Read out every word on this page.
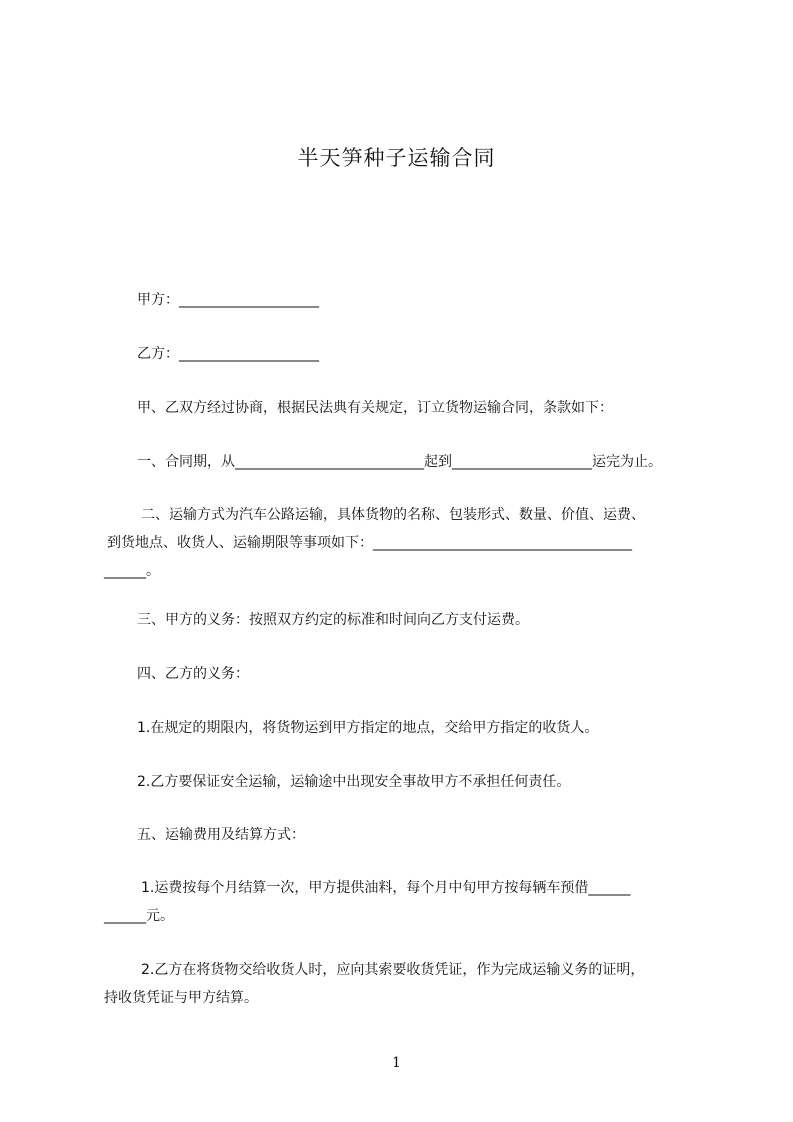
半天笋种子运输合同
甲方：____________________
乙方：____________________
甲、乙双方经过协商，根据民法典有关规定，订立货物运输合同，条款如下：
一、合同期，从___________________________起到____________________运完为止。
二、运输方式为汽车公路运输，具体货物的名称、包装形式、数量、价值、运费、
到货地点、收货人、运输期限等事项如下：_____________________________________
______。
三、甲方的义务：按照双方约定的标准和时间向乙方支付运费。
四、乙方的义务：
1.在规定的期限内，将货物运到甲方指定的地点，交给甲方指定的收货人。
2.乙方要保证安全运输，运输途中出现安全事故甲方不承担任何责任。
五、运输费用及结算方式：
1.运费按每个月结算一次，甲方提供油料，每个月中旬甲方按每辆车预借______
______元。
2.乙方在将货物交给收货人时，应向其索要收货凭证，作为完成运输义务的证明，
持收货凭证与甲方结算。
1
